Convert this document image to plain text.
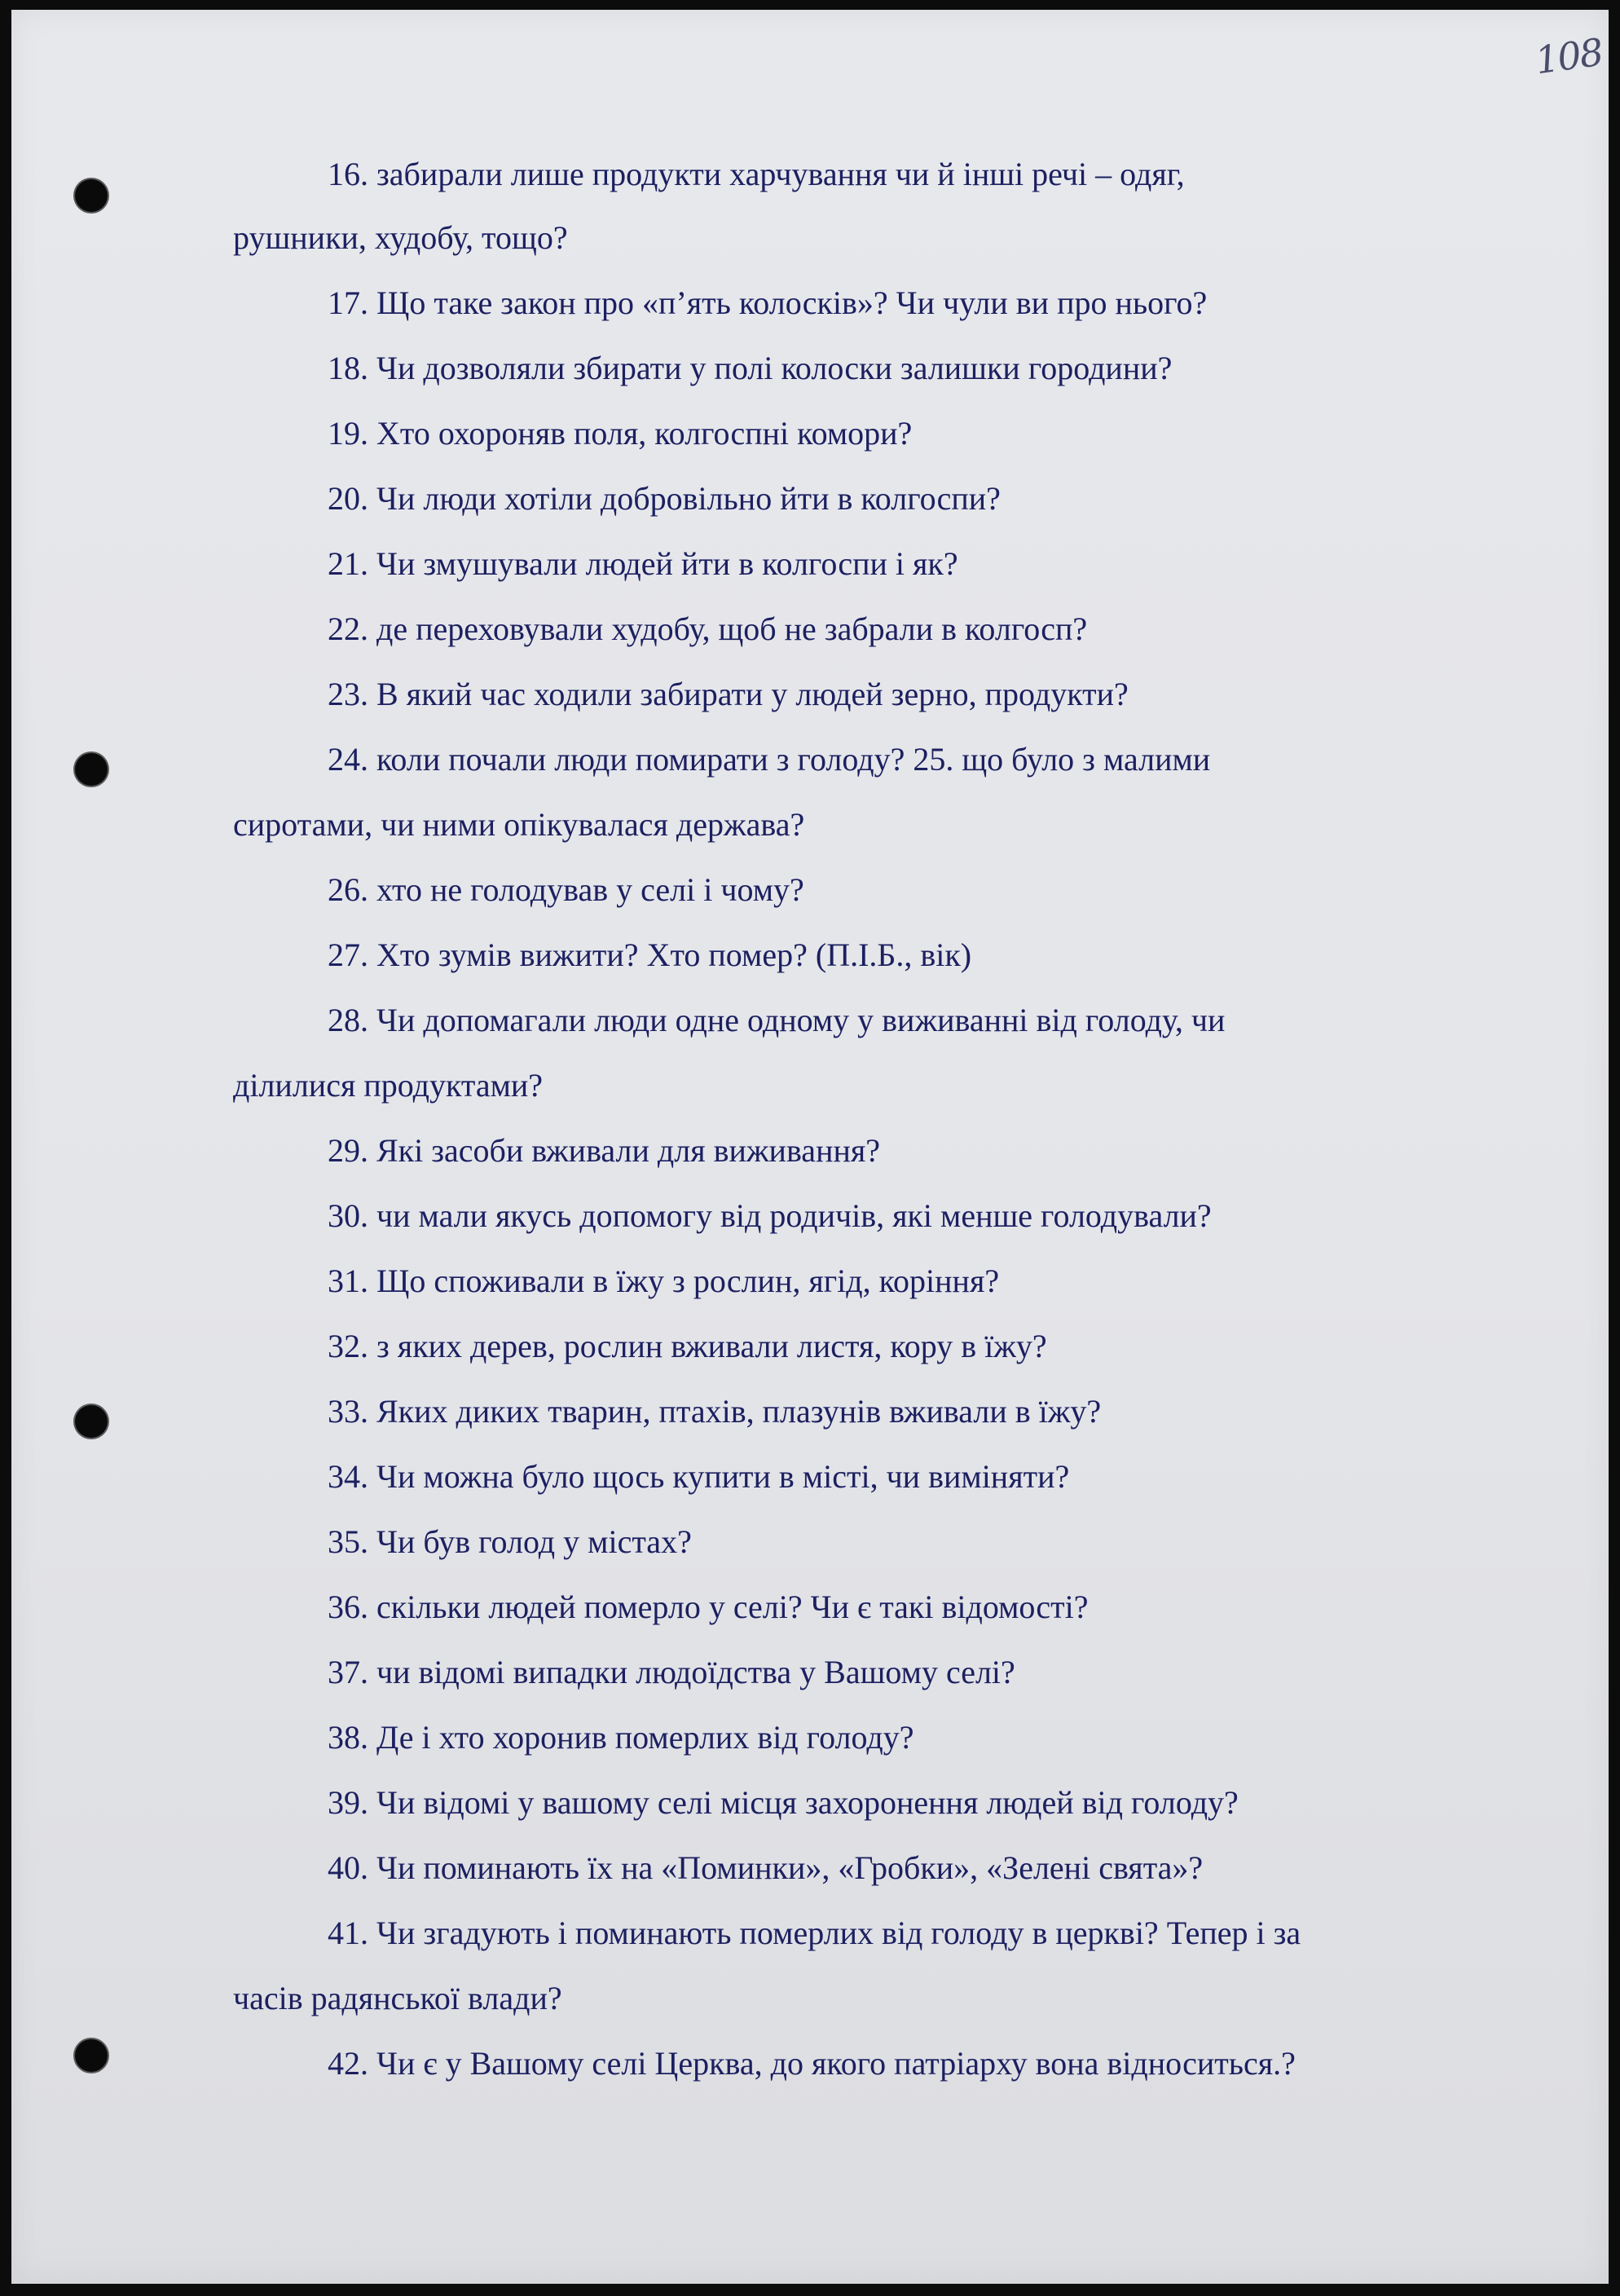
108

16. забирали лише продукти харчування чи й інші речі – одяг,

рушники, худобу, тощо?

17. Що таке закон про «п’ять колосків»? Чи чули ви про нього?

18. Чи дозволяли збирати у полі колоски залишки городини?

19. Хто охороняв поля, колгоспні комори?

20. Чи люди хотіли добровільно йти в колгоспи?

21. Чи змушували людей йти в колгоспи і як?

22. де переховували худобу, щоб не забрали в колгосп?

23. В який час ходили забирати у людей зерно, продукти?

24. коли почали люди помирати з голоду? 25. що було з малими

сиротами, чи ними опікувалася держава?

26. хто не голодував у селі і чому?

27. Хто зумів вижити? Хто помер? (П.І.Б., вік)

28. Чи допомагали люди одне одному у виживанні від голоду, чи

ділилися продуктами?

29. Які засоби вживали для виживання?

30. чи мали якусь допомогу від родичів, які менше голодували?

31. Що споживали в їжу з рослин, ягід, коріння?

32. з яких дерев, рослин вживали листя, кору в їжу?

33. Яких диких тварин, птахів, плазунів вживали в їжу?

34. Чи можна було щось купити в місті, чи виміняти?

35. Чи був голод у містах?

36. скільки людей померло у селі? Чи є такі відомості?

37. чи відомі випадки людоїдства у Вашому селі?

38. Де і хто хоронив померлих від голоду?

39. Чи відомі у вашому селі місця захоронення людей від голоду?

40. Чи поминають їх на «Поминки», «Гробки», «Зелені свята»?

41. Чи згадують і поминають померлих від голоду в церкві? Тепер і за

часів радянської влади?

42. Чи є у Вашому селі Церква, до якого патріарху вона відноситься.?
